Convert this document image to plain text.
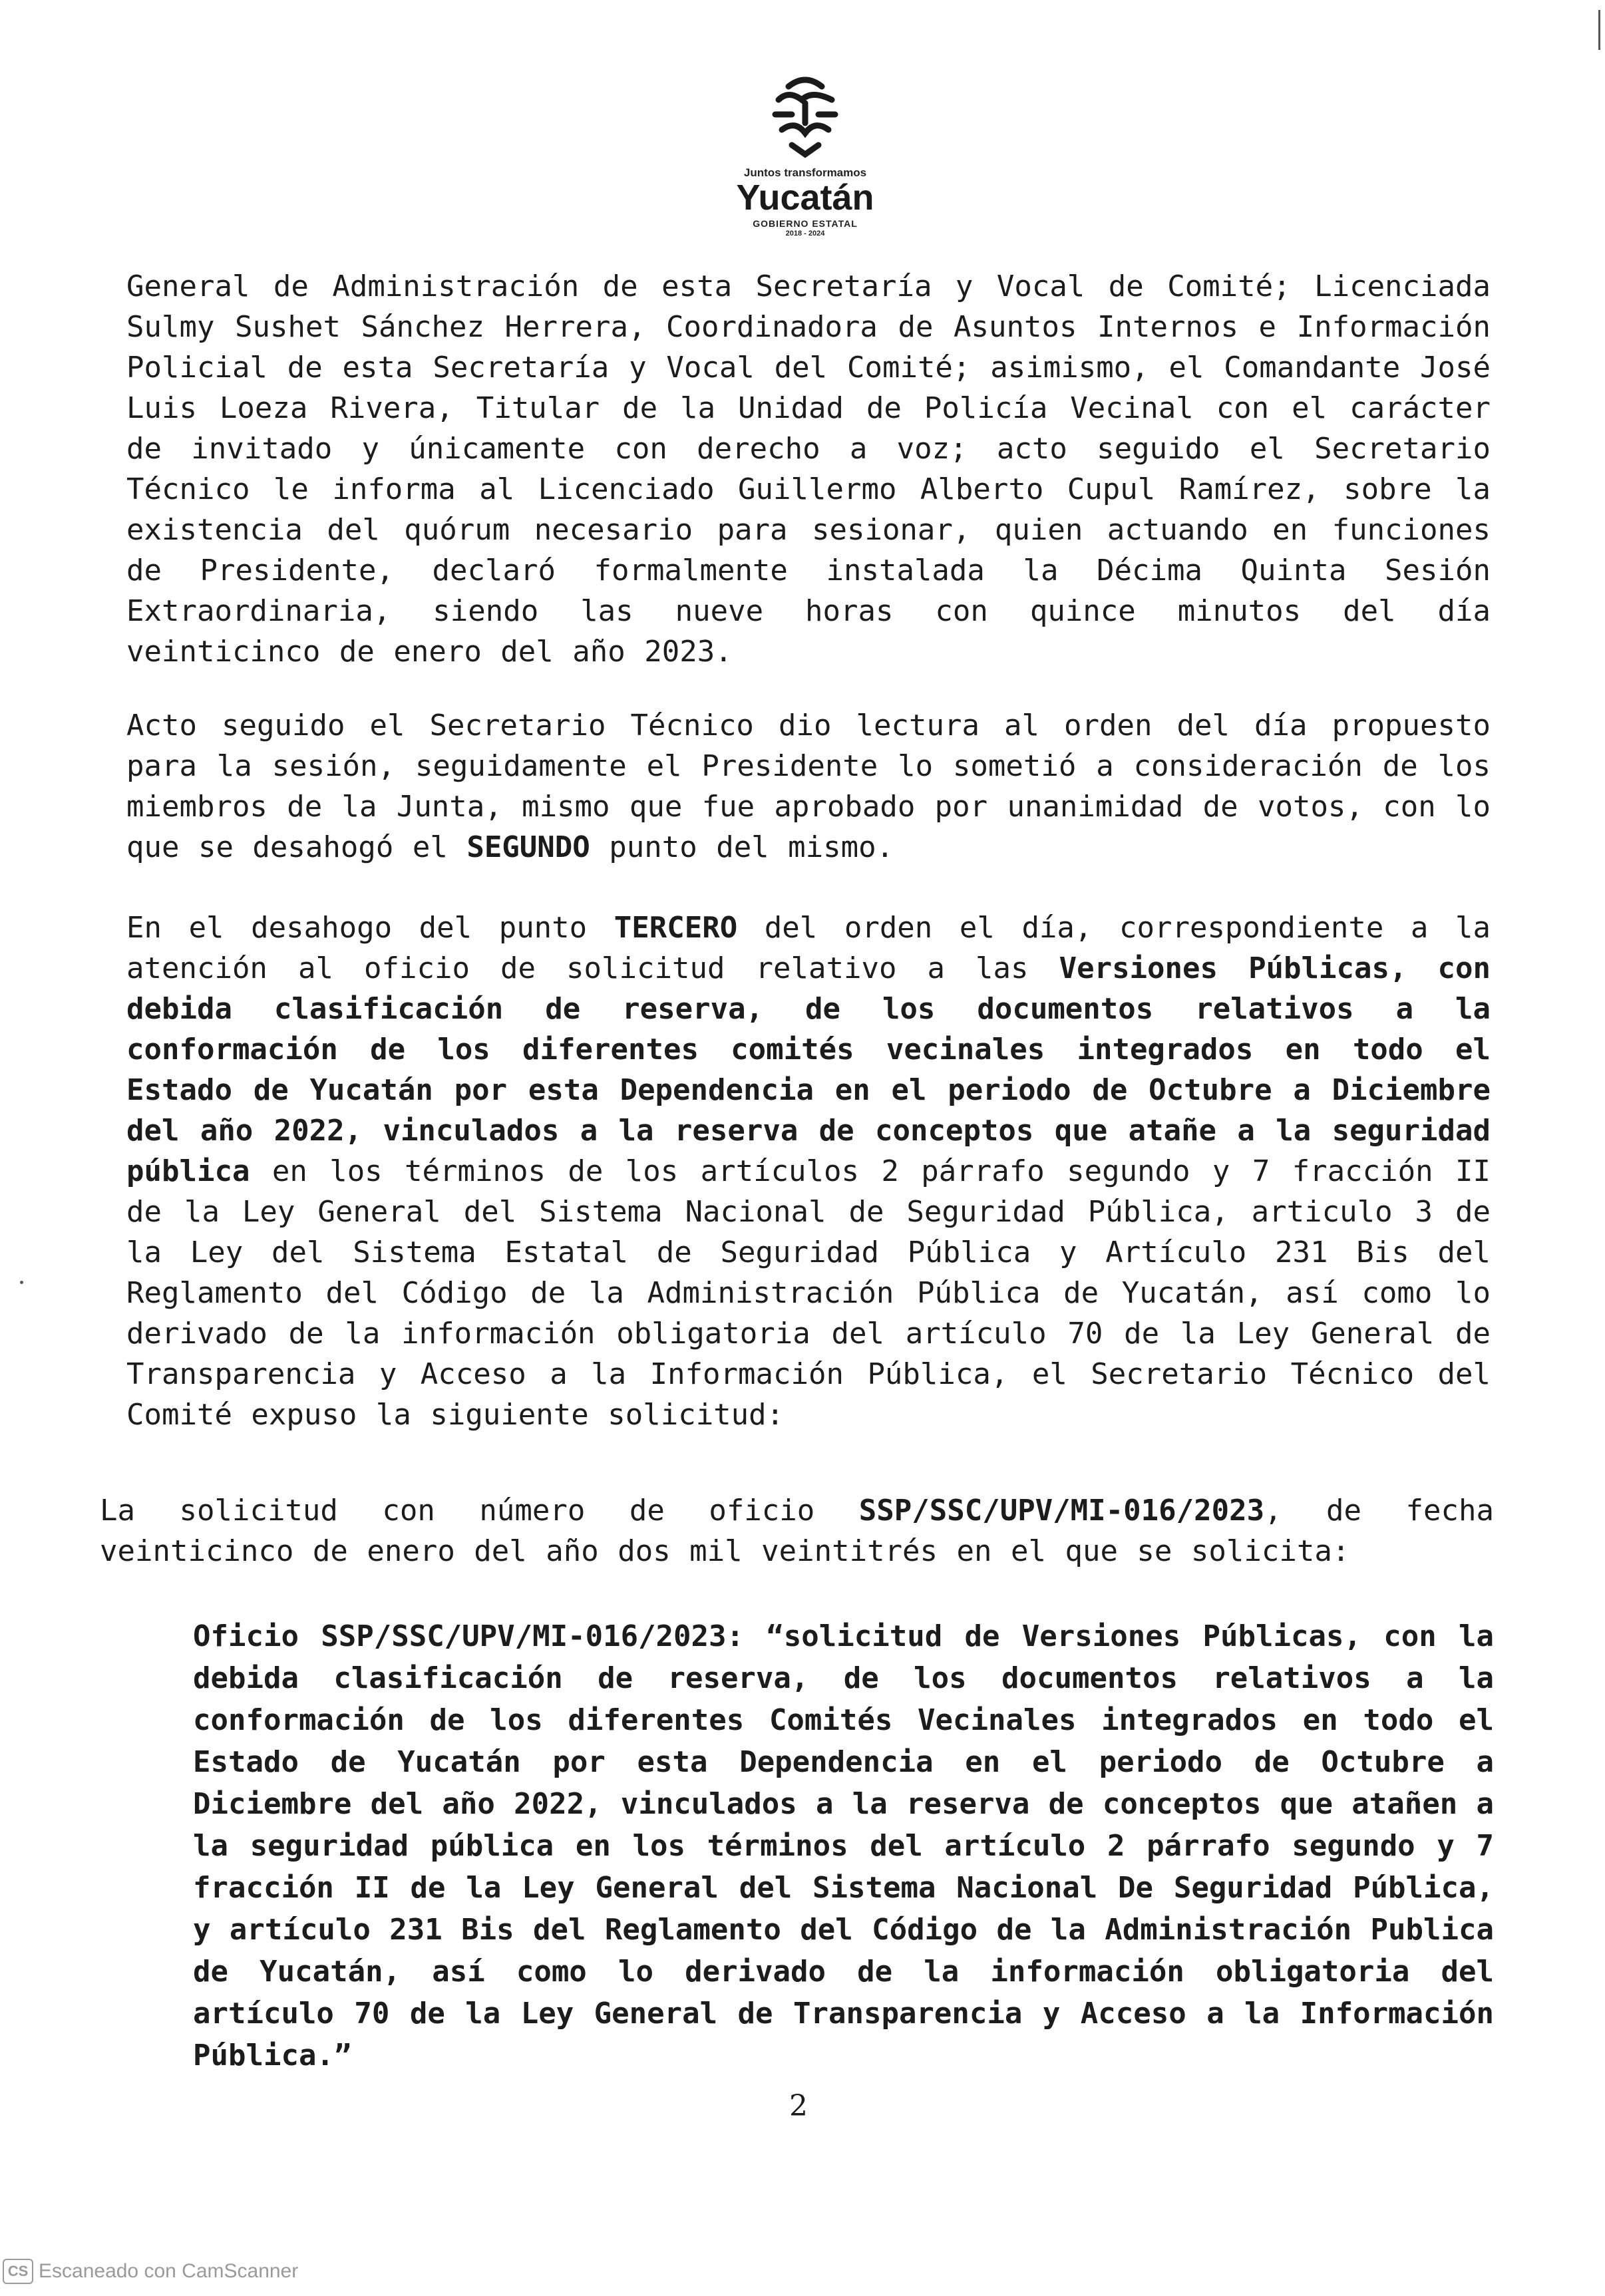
Juntos transformamos
Yucatán
GOBIERNO ESTATAL
2018 - 2024

General de Administración de esta Secretaría y Vocal de Comité; Licenciada Sulmy Sushet Sánchez Herrera, Coordinadora de Asuntos Internos e Información Policial de esta Secretaría y Vocal del Comité; asimismo, el Comandante José Luis Loeza Rivera, Titular de la Unidad de Policía Vecinal con el carácter de invitado y únicamente con derecho a voz; acto seguido el Secretario Técnico le informa al Licenciado Guillermo Alberto Cupul Ramírez, sobre la existencia del quórum necesario para sesionar, quien actuando en funciones de Presidente, declaró formalmente instalada la Décima Quinta Sesión Extraordinaria, siendo las nueve horas con quince minutos del día veinticinco de enero del año 2023.

Acto seguido el Secretario Técnico dio lectura al orden del día propuesto para la sesión, seguidamente el Presidente lo sometió a consideración de los miembros de la Junta, mismo que fue aprobado por unanimidad de votos, con lo que se desahogó el SEGUNDO punto del mismo.

En el desahogo del punto TERCERO del orden el día, correspondiente a la atención al oficio de solicitud relativo a las Versiones Públicas, con debida clasificación de reserva, de los documentos relativos a la conformación de los diferentes comités vecinales integrados en todo el Estado de Yucatán por esta Dependencia en el periodo de Octubre a Diciembre del año 2022, vinculados a la reserva de conceptos que atañe a la seguridad pública en los términos de los artículos 2 párrafo segundo y 7 fracción II de la Ley General del Sistema Nacional de Seguridad Pública, articulo 3 de la Ley del Sistema Estatal de Seguridad Pública y Artículo 231 Bis del Reglamento del Código de la Administración Pública de Yucatán, así como lo derivado de la información obligatoria del artículo 70 de la Ley General de Transparencia y Acceso a la Información Pública, el Secretario Técnico del Comité expuso la siguiente solicitud:

La solicitud con número de oficio SSP/SSC/UPV/MI-016/2023, de fecha veinticinco de enero del año dos mil veintitrés en el que se solicita:

Oficio SSP/SSC/UPV/MI-016/2023: “solicitud de Versiones Públicas, con la debida clasificación de reserva, de los documentos relativos a la conformación de los diferentes Comités Vecinales integrados en todo el Estado de Yucatán por esta Dependencia en el periodo de Octubre a Diciembre del año 2022, vinculados a la reserva de conceptos que atañen a la seguridad pública en los términos del artículo 2 párrafo segundo y 7 fracción II de la Ley General del Sistema Nacional De Seguridad Pública, y artículo 231 Bis del Reglamento del Código de la Administración Publica de Yucatán, así como lo derivado de la información obligatoria del artículo 70 de la Ley General de Transparencia y Acceso a la Información Pública.”

2
CS Escaneado con CamScanner
